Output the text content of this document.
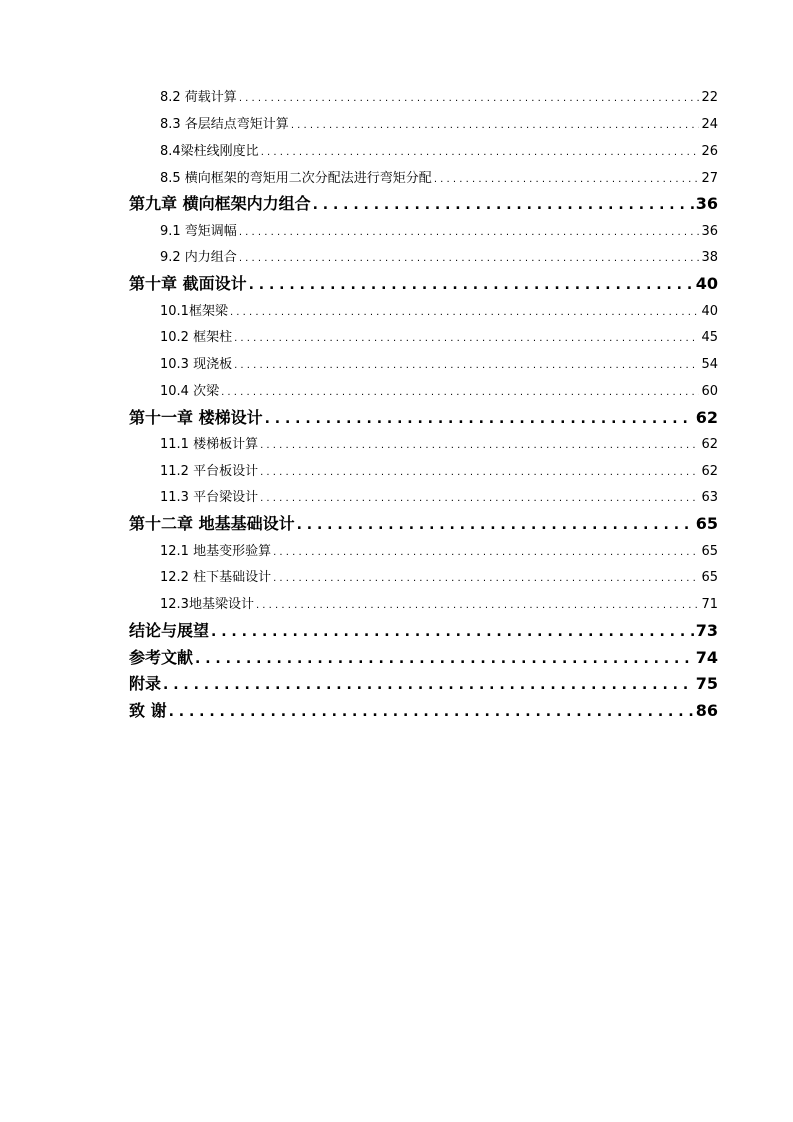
8.2 荷载计算 . . .	22
8.3 各层结点弯矩计算 . . .	24
8.4梁柱线刚度比 . . .	26
8.5 横向框架的弯矩用二次分配法进行弯矩分配 . . .	27
第九章 横向框架内力组合 . . .	36
9.1 弯矩调幅 . . .	36
9.2 内力组合 . . .	38
第十章 截面设计 . . .	40
10.1框架梁 . . .	40
10.2 框架柱 . . .	45
10.3 现浇板 . . .	54
10.4 次梁 . . .	60
第十一章 楼梯设计 . . .	62
11.1 楼梯板计算 . . .	62
11.2 平台板设计 . . .	62
11.3 平台梁设计 . . .	63
第十二章 地基基础设计 . . .	65
12.1 地基变形验算 . . .	65
12.2 柱下基础设计 . . .	65
12.3地基梁设计 . . .	71
结论与展望 . . .	73
参考文献 . . .	74
附录 . . .	75
致 谢 . . .	86
